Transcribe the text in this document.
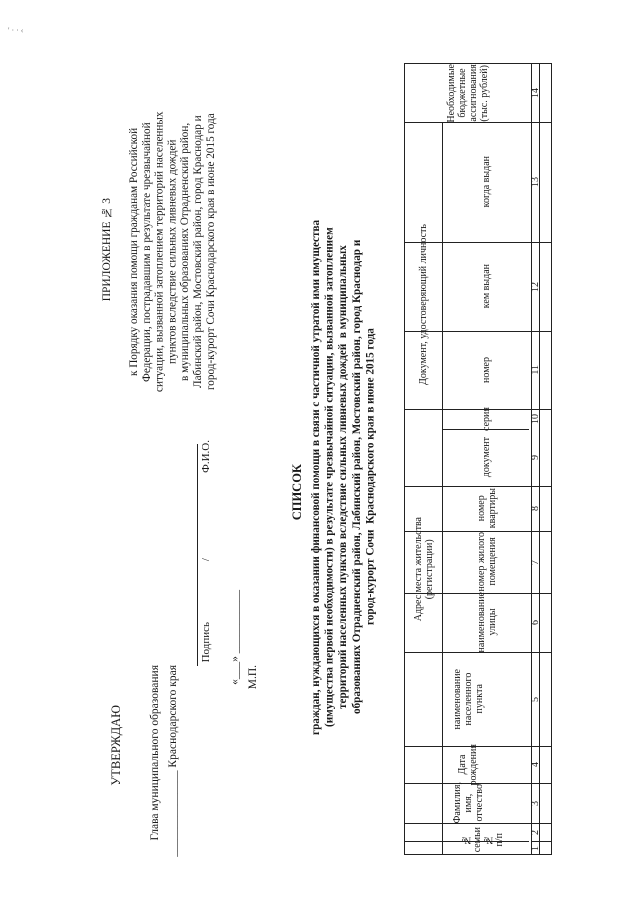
' · · ‹
к Порядку оказания помощи гражданам Российской
Федерации, пострадавшим в результате чрезвычайной
ситуации, вызванной затоплением территорий населенных
пунктов вследствие сильных ливневых дождей
в муниципальных образованиях Отрадненский район,
Лабинский район, Мостовский район, город Краснодар и
город-курорт Сочи Краснодарского края в июне 2015 года
ПРИЛОЖЕНИЕ № 3
УТВЕРЖДАЮ Глава муниципального образования _______________ Краснодарского края
Подпись
/
Ф.И.О.
«___» ___________ М.П.
СПИСОК
граждан, нуждающихся в оказании финансовой помощи в связи с частичной утратой ими имущества
(имущества первой необходимости) в результате чрезвычайной ситуации, вызванной затоплением
территорий населенных пунктов вследствие сильных ливневых дождей  в муниципальных
образованиях Отрадненский район, Лабинский район, Мостовский район, город Краснодар и
город-курорт Сочи  Краснодарского края в июне 2015 года	Документ, удостоверяющий личность
Адрес места жительства
(регистрации)
Необходимые
бюджетные
ассигнования
(тыс. рублей)
когда выдан
кем выдан
номер
серия
документ
номер
квартиры
номер жилого
помещения
наименование
улицы
наименование
населенного
пункта
Дата
рождения
Фамилия,
имя,
отчество
№
семьи №
п/п
14
13
12
11
10
9
8
7
6
5
4
3
2
1
